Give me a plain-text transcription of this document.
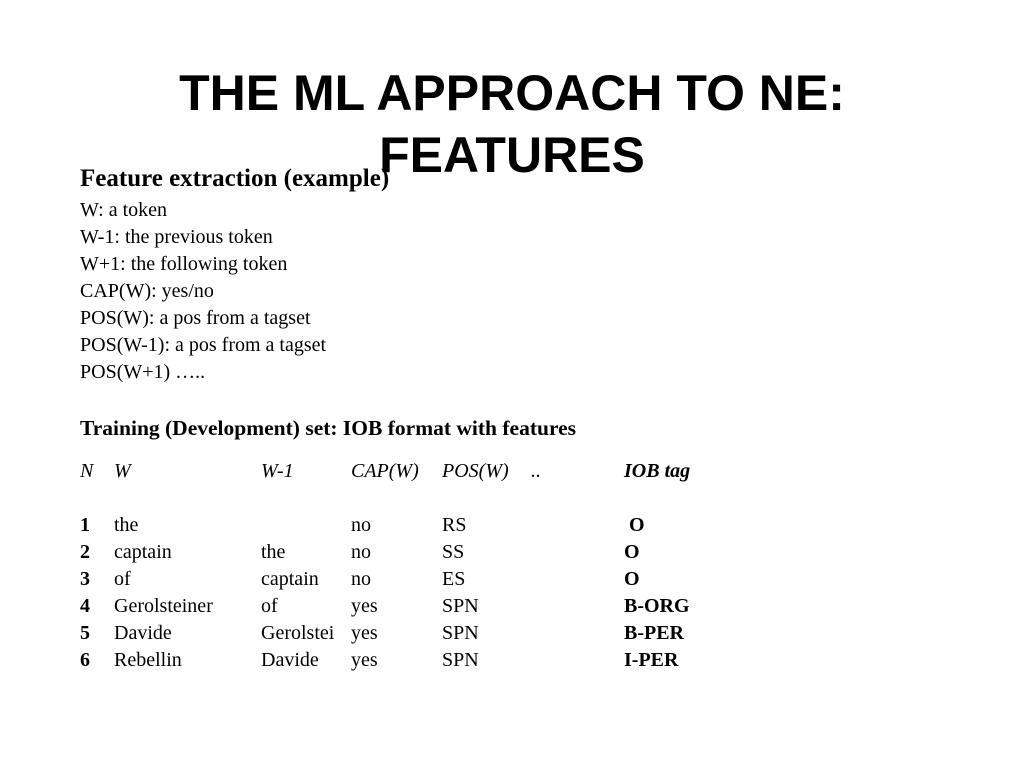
THE ML APPROACH TO NE:
FEATURES
Feature extraction (example)
W: a token
W-1: the previous token
W+1: the following token
CAP(W): yes/no
POS(W): a pos from a tagset
POS(W-1): a pos from a tagset
POS(W+1) …..
Training (Development) set: IOB format with features
N	W	W-1	CAP(W)	POS(W)	..	IOB tag

1	the		no	RS		O
2	captain	the	no	SS		O
3	of	captain	no	ES		O
4	Gerolsteiner	of	yes	SPN		B-ORG
5	Davide	Gerolstei	yes	SPN		B-PER
6	Rebellin	Davide	yes	SPN		I-PER
